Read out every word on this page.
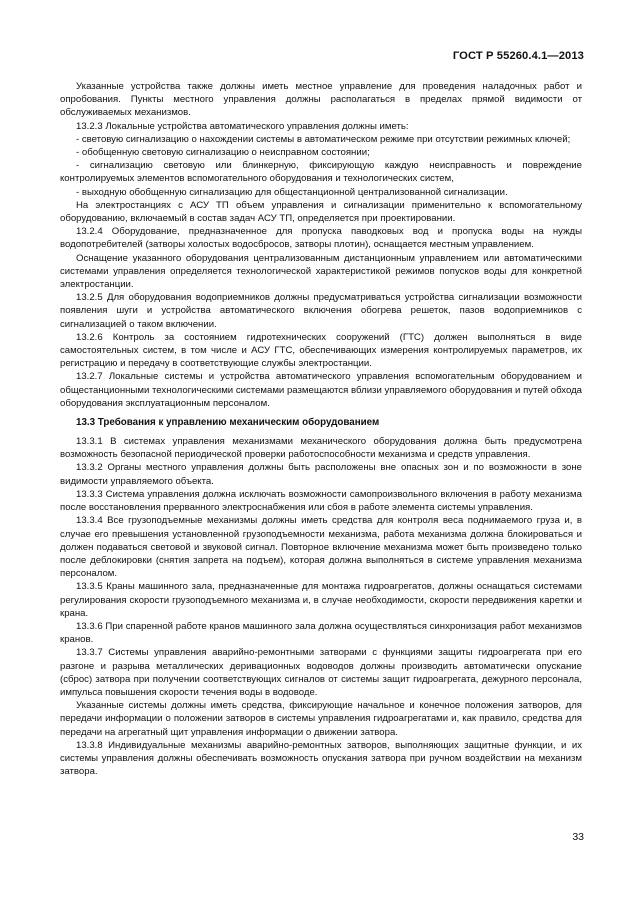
ГОСТ Р 55260.4.1—2013

Указанные устройства также должны иметь местное управление для проведения наладочных работ и опробования. Пункты местного управления должны располагаться в пределах прямой видимости от обслуживаемых механизмов.

13.2.3 Локальные устройства автоматического управления должны иметь:

- световую сигнализацию о нахождении системы в автоматическом режиме при отсутствии режимных ключей;

- обобщенную световую сигнализацию о неисправном состоянии;

- сигнализацию световую или блинкерную, фиксирующую каждую неисправность и повреждение контролируемых элементов вспомогательного оборудования и технологических систем,

- выходную обобщенную сигнализацию для общестанционной централизованной сигнализации.

На электростанциях с АСУ ТП объем управления и сигнализации применительно к вспомогательному оборудованию, включаемый в состав задач АСУ ТП, определяется при проектировании.

13.2.4 Оборудование, предназначенное для пропуска паводковых вод и пропуска воды на нужды водопотребителей (затворы холостых водосбросов, затворы плотин), оснащается местным управлением.

Оснащение указанного оборудования централизованным дистанционным управлением или автоматическими системами управления определяется технологической характеристикой режимов попусков воды для конкретной электростанции.

13.2.5 Для оборудования водоприемников должны предусматриваться устройства сигнализации возможности появления шуги и устройства автоматического включения обогрева решеток, пазов водоприемников с сигнализацией о таком включении.

13.2.6 Контроль за состоянием гидротехнических сооружений (ГТС) должен выполняться в виде самостоятельных систем, в том числе и АСУ ГТС, обеспечивающих измерения контролируемых параметров, их регистрацию и передачу в соответствующие службы электростанции.

13.2.7 Локальные системы и устройства автоматического управления вспомогательным оборудованием и общестанционными технологическими системами размещаются вблизи управляемого оборудования и путей обхода оборудования эксплуатационным персоналом.

13.3 Требования к управлению механическим оборудованием

13.3.1 В системах управления механизмами механического оборудования должна быть предусмотрена возможность безопасной периодической проверки работоспособности механизма и средств управления.

13.3.2 Органы местного управления должны быть расположены вне опасных зон и по возможности в зоне видимости управляемого объекта.

13.3.3 Система управления должна исключать возможности самопроизвольного включения в работу механизма после восстановления прерванного электроснабжения или сбоя в работе элемента системы управления.

13.3.4 Все грузоподъемные механизмы должны иметь средства для контроля веса поднимаемого груза и, в случае его превышения установленной грузоподъемности механизма, работа механизма должна блокироваться и должен подаваться световой и звуковой сигнал. Повторное включение механизма может быть произведено только после деблокировки (снятия запрета на подъем), которая должна выполняться в системе управления механизма персоналом.

13.3.5 Краны машинного зала, предназначенные для монтажа гидроагрегатов, должны оснащаться системами регулирования скорости грузоподъемного механизма и, в случае необходимости, скорости передвижения каретки и крана.

13.3.6 При спаренной работе кранов машинного зала должна осуществляться синхронизация работ механизмов кранов.

13.3.7 Системы управления аварийно-ремонтными затворами с функциями защиты гидроагрегата при его разгоне и разрыва металлических деривационных водоводов должны производить автоматически опускание (сброс) затвора при получении соответствующих сигналов от системы защит гидроагрегата, дежурного персонала, импульса повышения скорости течения воды в водоводе.

Указанные системы должны иметь средства, фиксирующие начальное и конечное положения затворов, для передачи информации о положении затворов в системы управления гидроагрегатами и, как правило, средства для передачи на агрегатный щит управления информации о движении затвора.

13.3.8 Индивидуальные механизмы аварийно-ремонтных затворов, выполняющих защитные функции, и их системы управления должны обеспечивать возможность опускания затвора при ручном воздействии на механизм затвора.

33
